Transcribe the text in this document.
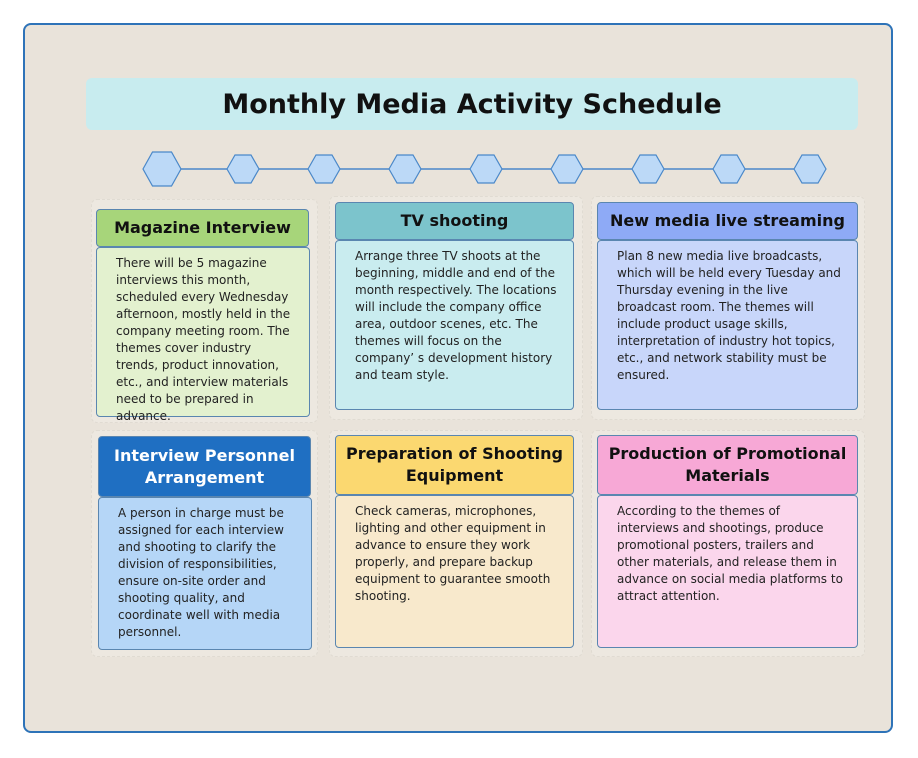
Monthly Media Activity Schedule
Magazine Interview
There will be 5 magazine interviews this month, scheduled every Wednesday afternoon, mostly held in the company meeting room. The themes cover industry trends, product innovation, etc., and interview materials need to be prepared in advance.
TV shooting
Arrange three TV shoots at the beginning, middle and end of the month respectively. The locations will include the company office area, outdoor scenes, etc. The themes will focus on the company’ s development history and team style.
New media live streaming
Plan 8 new media live broadcasts, which will be held every Tuesday and Thursday evening in the live broadcast room. The themes will include product usage skills, interpretation of industry hot topics, etc., and network stability must be ensured.
Interview Personnel Arrangement
A person in charge must be assigned for each interview and shooting to clarify the division of responsibilities, ensure on-site order and shooting quality, and coordinate well with media personnel.
Preparation of Shooting Equipment
Check cameras, microphones, lighting and other equipment in advance to ensure they work properly, and prepare backup equipment to guarantee smooth shooting.
Production of Promotional Materials
According to the themes of interviews and shootings, produce promotional posters, trailers and other materials, and release them in advance on social media platforms to attract attention.
